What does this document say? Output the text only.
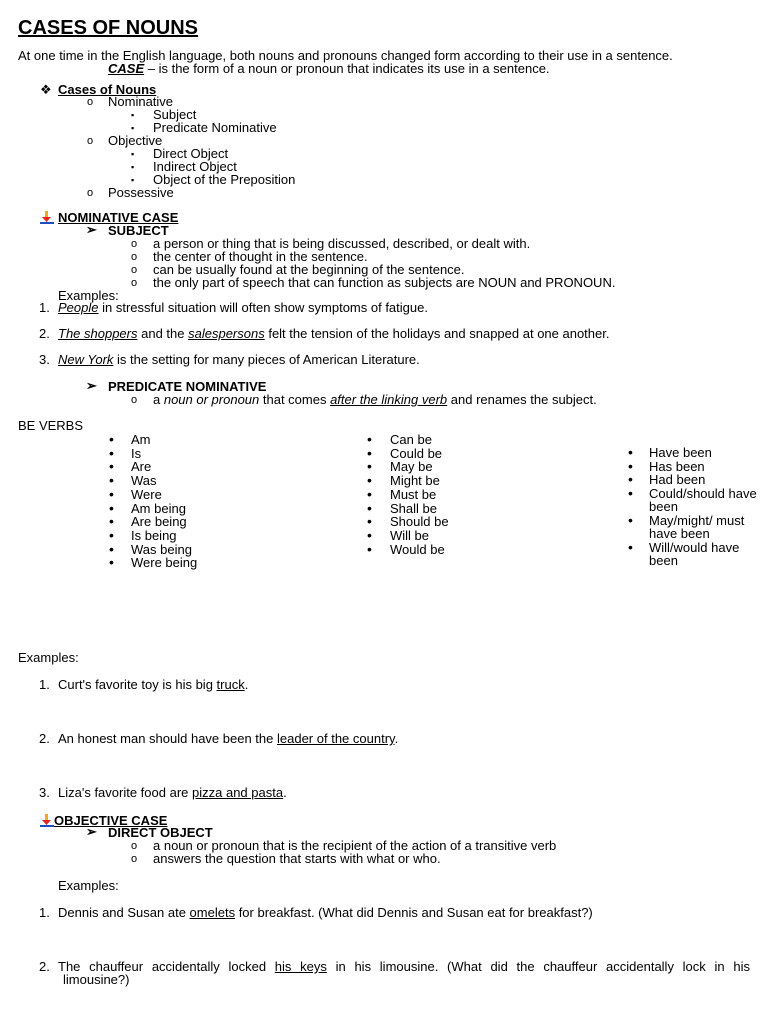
CASES OF NOUNS
At one time in the English language, both nouns and pronouns changed form according to their use in a sentence.
CASE – is the form of a noun or pronoun that indicates its use in a sentence.
❖ Cases of Nouns
o Nominative
▪ Subject
▪ Predicate Nominative
o Objective
▪ Direct Object
▪ Indirect Object
▪ Object of the Preposition
o Possessive
NOMINATIVE CASE
➢ SUBJECT
o a person or thing that is being discussed, described, or dealt with.
o the center of thought in the sentence.
o can be usually found at the beginning of the sentence.
o the only part of speech that can function as subjects are NOUN and PRONOUN.
Examples:
1. People in stressful situation will often show symptoms of fatigue.
2. The shoppers and the salespersons felt the tension of the holidays and snapped at one another.
3. New York is the setting for many pieces of American Literature.
➢ PREDICATE NOMINATIVE
o a noun or pronoun that comes after the linking verb and renames the subject.
BE VERBS
• Am
• Is
• Are
• Was
• Were
• Am being
• Are being
• Is being
• Was being
• Were being
• Can be
• Could be
• May be
• Might be
• Must be
• Shall be
• Should be
• Will be
• Would be
• Have been
• Has been
• Had been
• Could/should have been
• May/might/ must have been
• Will/would have been
Examples:
1. Curt's favorite toy is his big truck.
2. An honest man should have been the leader of the country.
3. Liza's favorite food are pizza and pasta.
OBJECTIVE CASE
➢ DIRECT OBJECT
o a noun or pronoun that is the recipient of the action of a transitive verb
o answers the question that starts with what or who.
Examples:
1. Dennis and Susan ate omelets for breakfast. (What did Dennis and Susan eat for breakfast?)
2. The chauffeur accidentally locked his keys in his limousine. (What did the chauffeur accidentally lock in his
limousine?)
